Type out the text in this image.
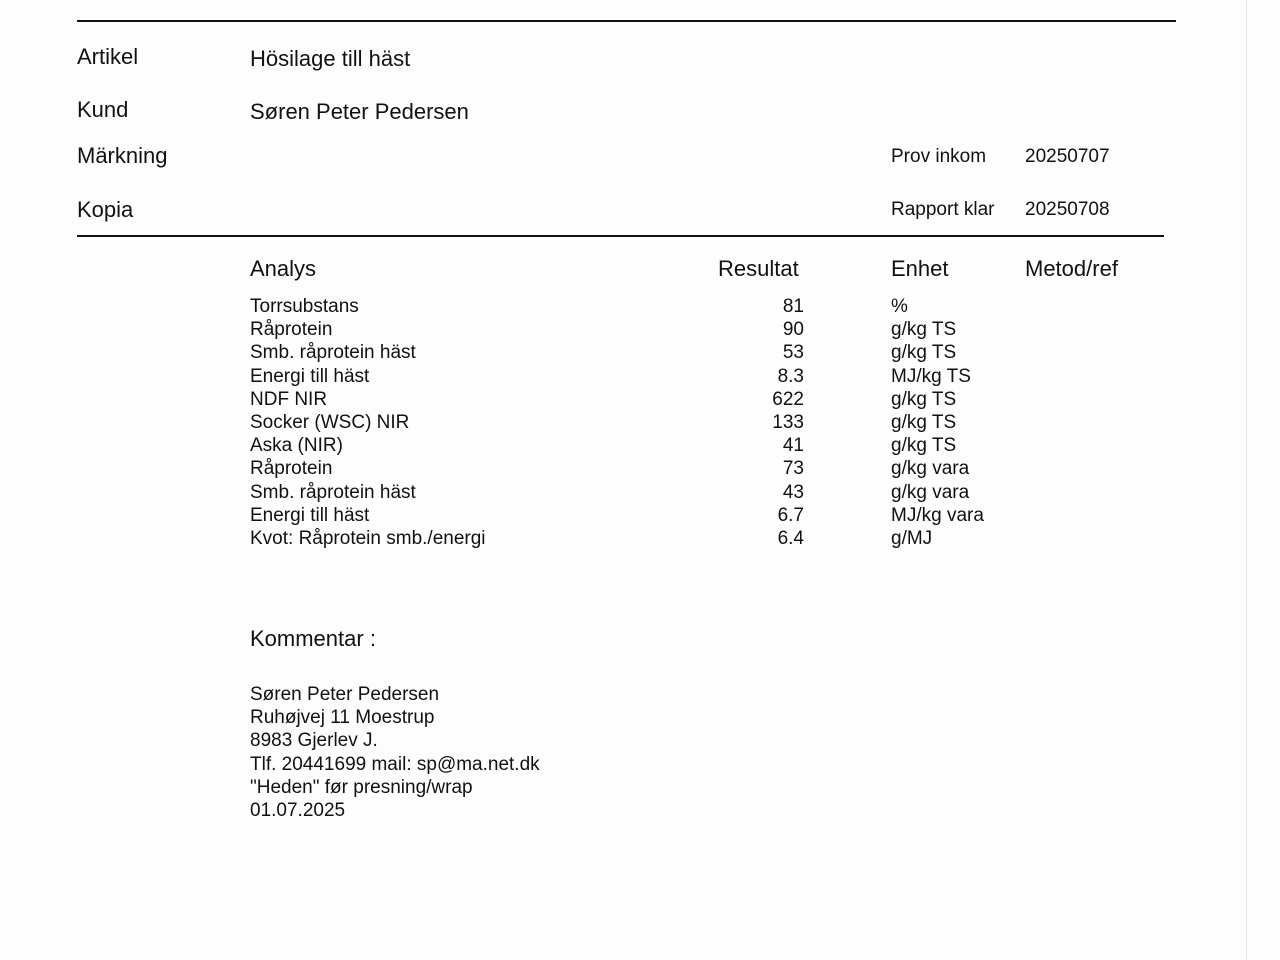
Artikel	Hösilage till häst
Kund	Søren Peter Pedersen
Märkning	Prov inkom 20250707
Kopia	Rapport klar 20250708
Analys	Resultat	Enhet	Metod/ref
Torrsubstans	81	%
Råprotein	90	g/kg TS
Smb. råprotein häst	53	g/kg TS
Energi till häst	8.3	MJ/kg TS
NDF NIR	622	g/kg TS
Socker (WSC) NIR	133	g/kg TS
Aska (NIR)	41	g/kg TS
Råprotein	73	g/kg vara
Smb. råprotein häst	43	g/kg vara
Energi till häst	6.7	MJ/kg vara
Kvot: Råprotein smb./energi	6.4	g/MJ
Kommentar :
Søren Peter Pedersen
Ruhøjvej 11 Moestrup
8983 Gjerlev J.
Tlf. 20441699 mail: sp@ma.net.dk
"Heden" før presning/wrap
01.07.2025
